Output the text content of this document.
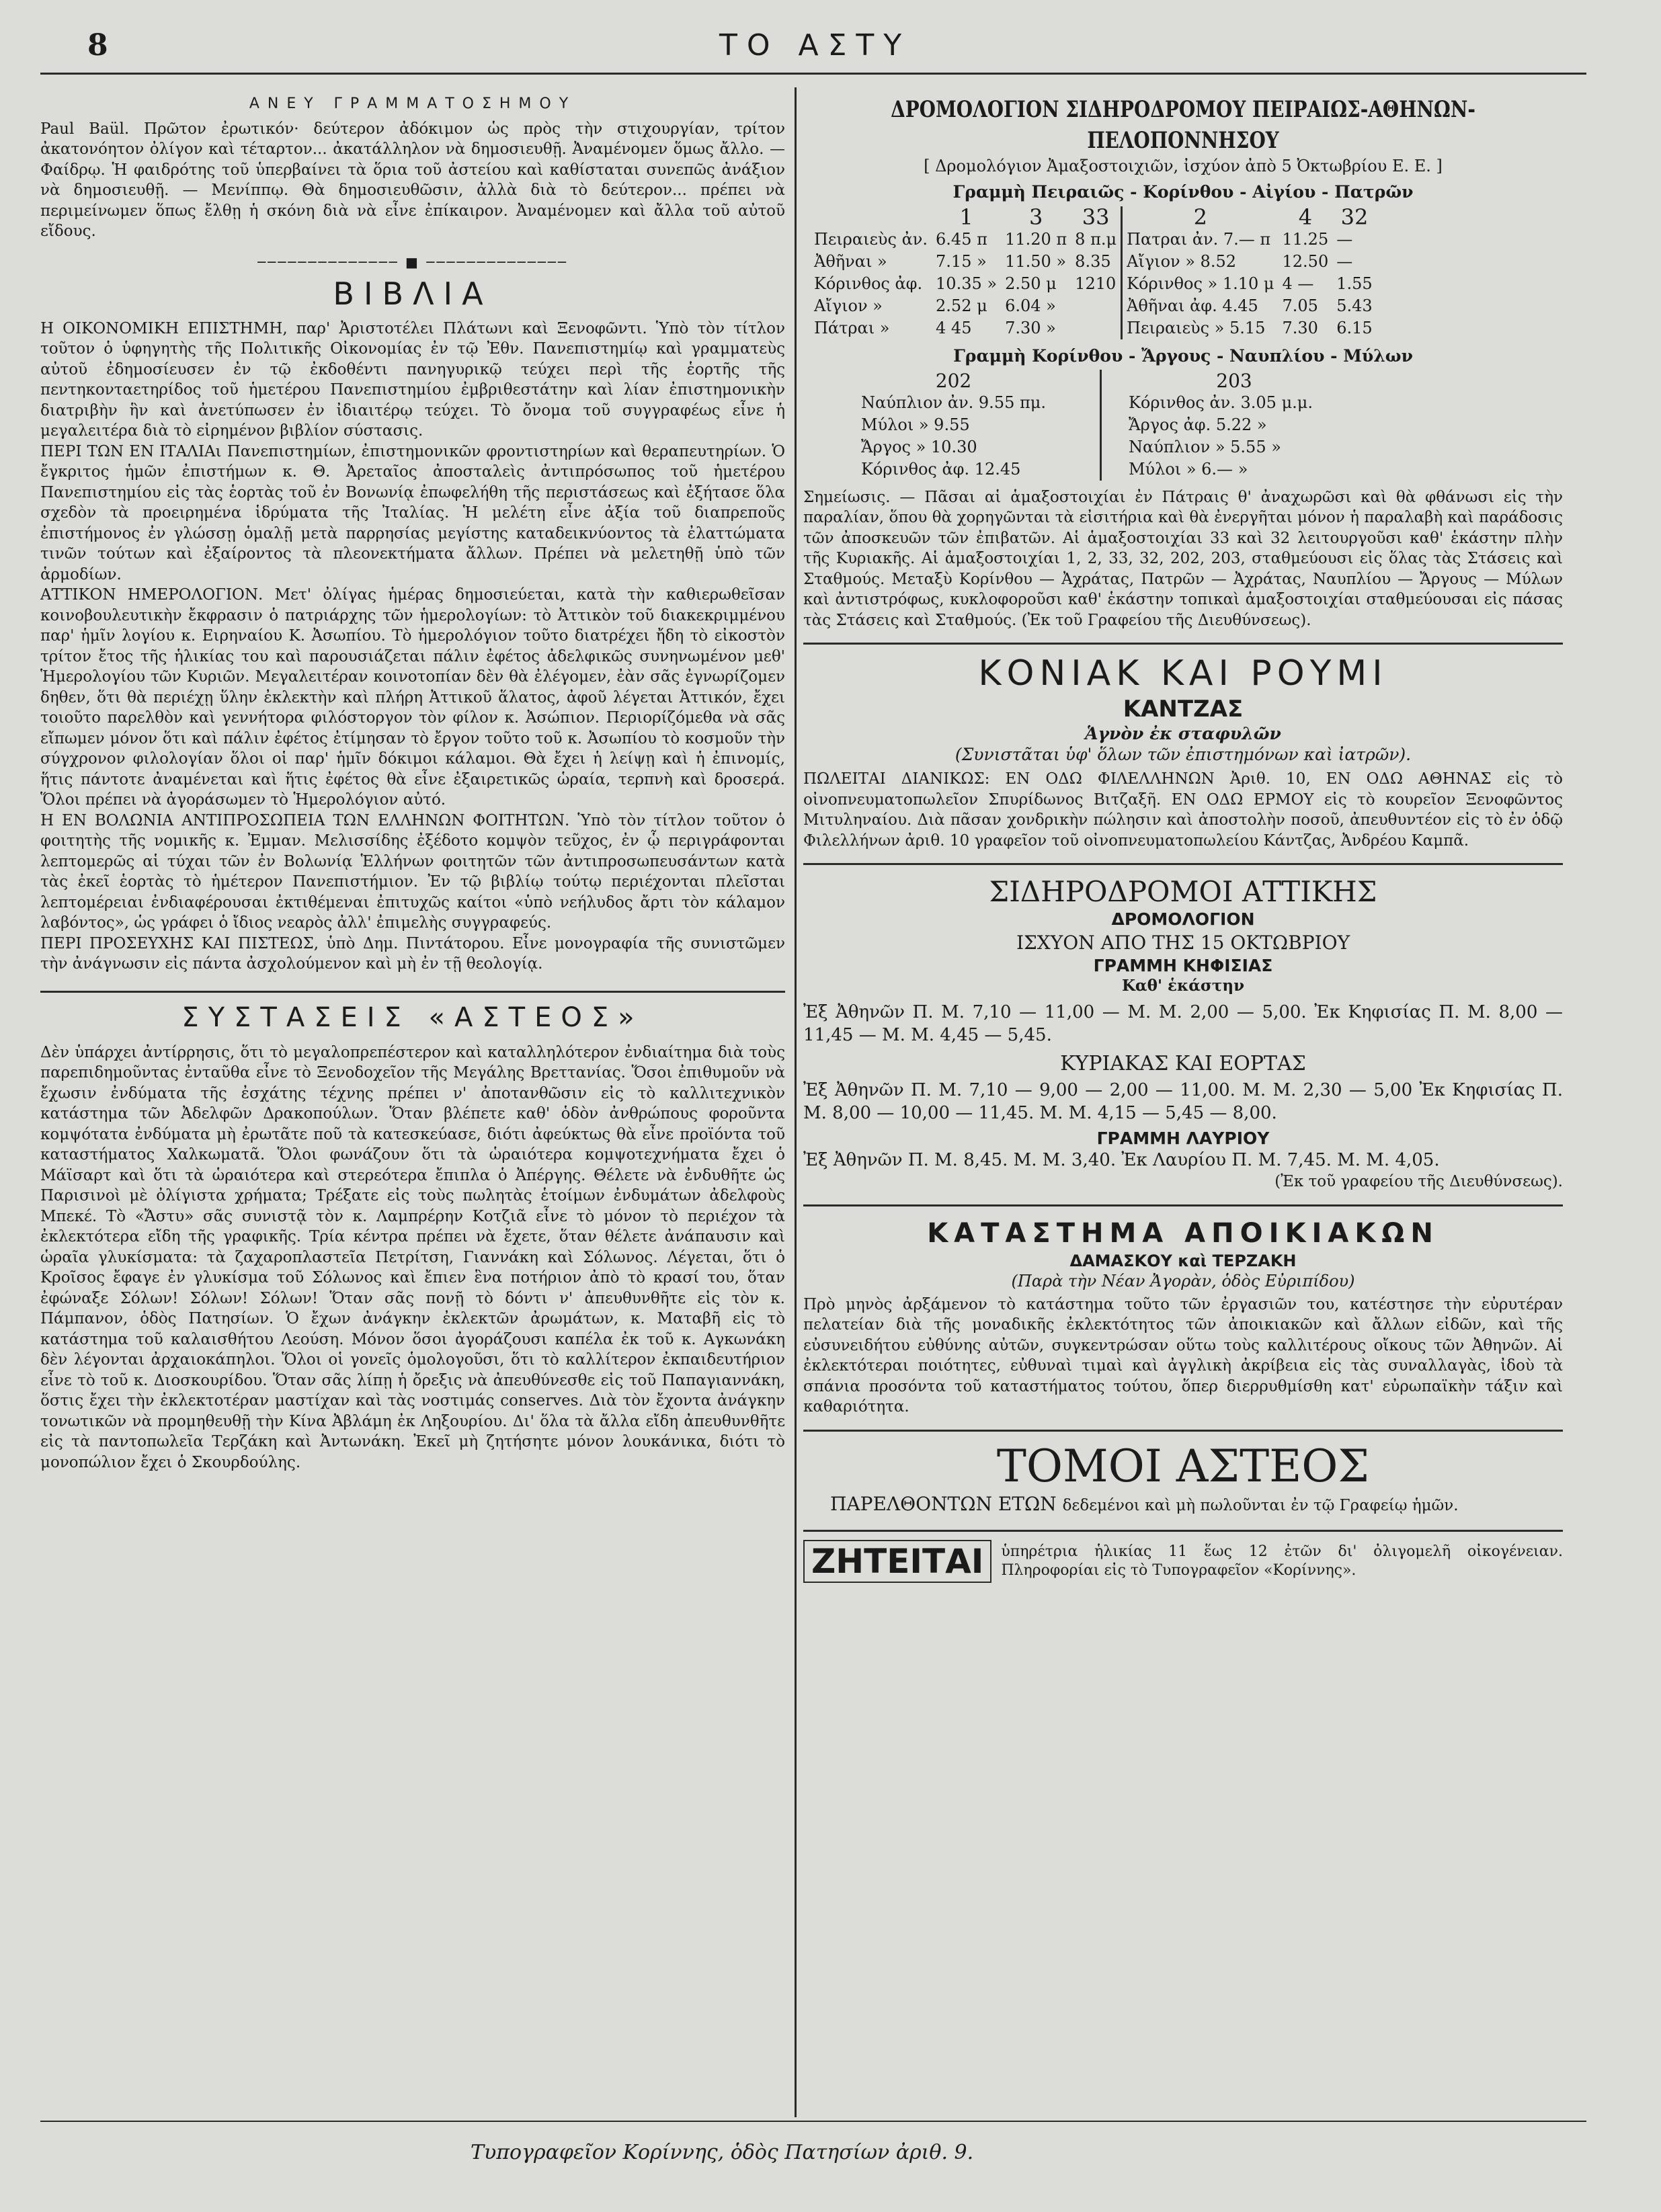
8	ΤΟ ΑΣΤΥ

ΑΝΕΥ ΓΡΑΜΜΑΤΟΣΗΜΟΥ

Paul Baül. Πρῶτον ἐρωτικόν· δεύτερον ἀδόκιμον ὡς πρὸς τὴν στιχουργίαν, τρίτον ἀκατονόητον ὀλίγον καὶ τέταρτον... ἀκατάλληλον νὰ δημοσιευθῇ. Ἀναμένομεν ὅμως ἄλλο. — Φαίδρῳ. Ἡ φαιδρότης τοῦ ὑπερβαίνει τὰ ὅρια τοῦ ἀστείου καὶ καθίσταται συνεπῶς ἀνάξιον νὰ δημοσιευθῇ. — Μενίππῳ. Θὰ δημοσιευθῶσιν, ἀλλὰ διὰ τὸ δεύτερον... πρέπει νὰ περιμείνωμεν ὅπως ἔλθῃ ἡ σκόνη διὰ νὰ εἶνε ἐπίκαιρον. Ἀναμένομεν καὶ ἄλλα τοῦ αὐτοῦ εἴδους.

────────────── ■ ──────────────

ΒΙΒΛΙΑ

Η ΟΙΚΟΝΟΜΙΚΗ ΕΠΙΣΤΗΜΗ, παρ' Ἀριστοτέλει Πλάτωνι καὶ Ξενοφῶντι. Ὑπὸ τὸν τίτλον τοῦτον ὁ ὑφηγητὴς τῆς Πολιτικῆς Οἰκονομίας ἐν τῷ Ἐθν. Πανεπιστημίῳ καὶ γραμματεὺς αὐτοῦ ἐδημοσίευσεν ἐν τῷ ἐκδοθέντι πανηγυρικῷ τεύχει περὶ τῆς ἑορτῆς τῆς πεντηκονταετηρίδος τοῦ ἡμετέρου Πανεπιστημίου ἐμβριθεστάτην καὶ λίαν ἐπιστημονικὴν διατριβὴν ἣν καὶ ἀνετύπωσεν ἐν ἰδιαιτέρῳ τεύχει. Τὸ ὄνομα τοῦ συγγραφέως εἶνε ἡ μεγαλειτέρα διὰ τὸ εἰρημένον βιβλίον σύστασις.

ΠΕΡΙ ΤΩΝ ΕΝ ΙΤΑΛΙΑι Πανεπιστημίων, ἐπιστημονικῶν φροντιστηρίων καὶ θεραπευτηρίων. Ὁ ἔγκριτος ἡμῶν ἐπιστήμων κ. Θ. Ἀρεταῖος ἀποσταλεὶς ἀντιπρόσωπος τοῦ ἡμετέρου Πανεπιστημίου εἰς τὰς ἑορτὰς τοῦ ἐν Βονωνίᾳ ἐπωφελήθη τῆς περιστάσεως καὶ ἐξήτασε ὅλα σχεδὸν τὰ προειρημένα ἱδρύματα τῆς Ἰταλίας. Ἡ μελέτη εἶνε ἀξία τοῦ διαπρεποῦς ἐπιστήμονος ἐν γλώσσῃ ὁμαλῇ μετὰ παρρησίας μεγίστης καταδεικνύοντος τὰ ἐλαττώματα τινῶν τούτων καὶ ἐξαίροντος τὰ πλεονεκτήματα ἄλλων. Πρέπει νὰ μελετηθῇ ὑπὸ τῶν ἁρμοδίων.

ΑΤΤΙΚΟΝ ΗΜΕΡΟΛΟΓΙΟΝ. Μετ' ὀλίγας ἡμέρας δημοσιεύεται, κατὰ τὴν καθιερωθεῖσαν κοινοβουλευτικὴν ἔκφρασιν ὁ πατριάρχης τῶν ἡμερολογίων: τὸ Ἀττικὸν τοῦ διακεκριμμένου παρ' ἡμῖν λογίου κ. Ειρηναίου Κ. Ἀσωπίου. Τὸ ἡμερολόγιον τοῦτο διατρέχει ἤδη τὸ εἰκοστὸν τρίτον ἔτος τῆς ἡλικίας του καὶ παρουσιάζεται πάλιν ἐφέτος ἀδελφικῶς συνηνωμένον μεθ' Ἡμερολογίου τῶν Κυριῶν. Μεγαλειτέραν κοινοτοπίαν δὲν θὰ ἐλέγομεν, ἐὰν σᾶς ἐγνωρίζομεν δηθεν, ὅτι θὰ περιέχῃ ὕλην ἐκλεκτὴν καὶ πλήρη Ἀττικοῦ ἅλατος, ἀφοῦ λέγεται Ἀττικόν, ἔχει τοιοῦτο παρελθὸν καὶ γεννήτορα φιλόστοργον τὸν φίλον κ. Ἀσώπιον. Περιορίζόμεθα νὰ σᾶς εἴπωμεν μόνον ὅτι καὶ πάλιν ἐφέτος ἐτίμησαν τὸ ἔργον τοῦτο τοῦ κ. Ἀσωπίου τὸ κοσμοῦν τὴν σύγχρονον φιλολογίαν ὅλοι οἱ παρ' ἡμῖν δόκιμοι κάλαμοι. Θὰ ἔχει ἡ λείψῃ καὶ ἡ ἐπινομίς, ἥτις πάντοτε ἀναμένεται καὶ ἥτις ἐφέτος θὰ εἶνε ἐξαιρετικῶς ὡραία, τερπνὴ καὶ δροσερά. Ὅλοι πρέπει νὰ ἀγοράσωμεν τὸ Ἡμερολόγιον αὐτό.

Η ΕΝ ΒΟΛΩΝΙΑ ΑΝΤΙΠΡΟΣΩΠΕΙΑ ΤΩΝ ΕΛΛΗΝΩΝ ΦΟΙΤΗΤΩΝ. Ὑπὸ τὸν τίτλον τοῦτον ὁ φοιτητὴς τῆς νομικῆς κ. Ἐμμαν. Μελισσίδης ἐξέδοτο κομψὸν τεῦχος, ἐν ᾧ περιγράφονται λεπτομερῶς αἱ τύχαι τῶν ἐν Βολωνίᾳ Ἑλλήνων φοιτητῶν τῶν ἀντιπροσωπευσάντων κατὰ τὰς ἐκεῖ ἑορτὰς τὸ ἡμέτερον Πανεπιστήμιον. Ἐν τῷ βιβλίῳ τούτῳ περιέχονται πλεῖσται λεπτομέρειαι ἐνδιαφέρουσαι ἐκτιθέμεναι ἐπιτυχῶς καίτοι «ὑπὸ νεήλυδος ἄρτι τὸν κάλαμον λαβόντος», ὡς γράφει ὁ ἴδιος νεαρὸς ἀλλ' ἐπιμελὴς συγγραφεύς.

ΠΕΡΙ ΠΡΟΣΕΥΧΗΣ ΚΑΙ ΠΙΣΤΕΩΣ, ὑπὸ Δημ. Πιντάτορου. Εἶνε μονογραφία τῆς συνιστῶμεν τὴν ἀνάγνωσιν εἰς πάντα ἀσχολούμενον καὶ μὴ ἐν τῇ θεολογίᾳ.

ΣΥΣΤΑΣΕΙΣ «ΑΣΤΕΟΣ»

Δὲν ὑπάρχει ἀντίρρησις, ὅτι τὸ μεγαλοπρεπέστερον καὶ καταλληλότερον ἐνδιαίτημα διὰ τοὺς παρεπιδημοῦντας ἐνταῦθα εἶνε τὸ Ξενοδοχεῖον τῆς Μεγάλης Βρεττανίας. Ὅσοι ἐπιθυμοῦν νὰ ἔχωσιν ἐνδύματα τῆς ἐσχάτης τέχνης πρέπει ν' ἀποτανθῶσιν εἰς τὸ καλλιτεχνικὸν κατάστημα τῶν Ἀδελφῶν Δρακοπούλων. Ὅταν βλέπετε καθ' ὁδὸν ἀνθρώπους φοροῦντα κομψότατα ἐνδύματα μὴ ἐρωτᾶτε ποῦ τὰ κατεσκεύασε, διότι ἀφεύκτως θὰ εἶνε προϊόντα τοῦ καταστήματος Χαλκωματᾶ. Ὅλοι φωνάζουν ὅτι τὰ ὡραιότερα κομψοτεχνήματα ἔχει ὁ Μάϊσαρτ καὶ ὅτι τὰ ὡραιότερα καὶ στερεότερα ἔπιπλα ὁ Ἀπέργης. Θέλετε νὰ ἐνδυθῆτε ὡς Παρισινοὶ μὲ ὀλίγιστα χρήματα; Τρέξατε εἰς τοὺς πωλητὰς ἑτοίμων ἐνδυμάτων ἀδελφοὺς Μπεκέ. Τὸ «Ἄστυ» σᾶς συνιστᾷ τὸν κ. Λαμπρέρην Κοτζιᾶ εἶνε τὸ μόνον τὸ περιέχον τὰ ἐκλεκτότερα εἴδη τῆς γραφικῆς. Τρία κέντρα πρέπει νὰ ἔχετε, ὅταν θέλετε ἀνάπαυσιν καὶ ὡραῖα γλυκίσματα: τὰ ζαχαροπλαστεῖα Πετρίτση, Γιαννάκη καὶ Σόλωνος. Λέγεται, ὅτι ὁ Κροῖσος ἔφαγε ἐν γλυκίσμα τοῦ Σόλωνος καὶ ἔπιεν ἓνα ποτήριον ἀπὸ τὸ κρασί του, ὅταν ἐφώναξε Σόλων! Σόλων! Σόλων! Ὅταν σᾶς πονῇ τὸ δόντι ν' ἀπευθυνθῆτε εἰς τὸν κ. Πάμπανον, ὁδὸς Πατησίων. Ὁ ἔχων ἀνάγκην ἐκλεκτῶν ἀρωμάτων, κ. Ματαβῆ εἰς τὸ κατάστημα τοῦ καλαισθήτου Λεούση. Μόνον ὅσοι ἀγοράζουσι καπέλα ἐκ τοῦ κ. Αγκωνάκη δὲν λέγονται ἀρχαιοκάπηλοι. Ὅλοι οἱ γονεῖς ὁμολογοῦσι, ὅτι τὸ καλλίτερον ἐκπαιδευτήριον εἶνε τὸ τοῦ κ. Διοσκουρίδου. Ὅταν σᾶς λίπῃ ἡ ὄρεξις νὰ ἀπευθύνεσθε εἰς τοῦ Παπαγιαννάκη, ὅστις ἔχει τὴν ἐκλεκτοτέραν μαστίχαν καὶ τὰς νοστιμάς conserves. Διὰ τὸν ἔχοντα ἀνάγκην τονωτικῶν νὰ προμηθευθῇ τὴν Κίνα Ἀβλάμη ἐκ Ληξουρίου. Δι' ὅλα τὰ ἄλλα εἴδη ἀπευθυνθῆτε εἰς τὰ παντοπωλεῖα Τερζάκη καὶ Ἀντωνάκη. Ἐκεῖ μὴ ζητήσητε μόνον λουκάνικα, διότι τὸ μονοπώλιον ἔχει ὁ Σκουρδούλης.

ΔΡΟΜΟΛΟΓΙΟΝ ΣΙΔΗΡΟΔΡΟΜΟΥ ΠΕΙΡΑΙΩΣ-ΑΘΗΝΩΝ-ΠΕΛΟΠΟΝΝΗΣΟΥ

[ Δρομολόγιον Ἀμαξοστοιχιῶν, ἰσχύον ἀπὸ 5 Ὀκτωβρίου Ε. Ε. ]

Γραμμὴ Πειραιῶς - Κορίνθου - Αἰγίου - Πατρῶν

	1	3	33	2	4	32
Πειραιεὺς ἀν.	6.45 π	11.20 π	8 π.μ	Πατραι ἀν. 7.— π	11.25	—
Ἀθῆναι »	7.15 »	11.50 »	8.35	Αἴγιον » 8.52	12.50	—
Κόρινθος ἀφ.	10.35 »	2.50 μ	1210	Κόρινθος » 1.10 μ	4 —	1.55
Αἴγιον »	2.52 μ	6.04 »		Ἀθῆναι ἀφ. 4.45	7.05	5.43
Πάτραι »	4 45	7.30 »		Πειραιεὺς » 5.15	7.30	6.15

Γραμμὴ Κορίνθου - Ἄργους - Ναυπλίου - Μύλων

202	203
Ναύπλιον ἀν. 9.55 πμ.	Κόρινθος ἀν. 3.05 μ.μ.
Μύλοι » 9.55	Ἄργος ἀφ. 5.22 »
Ἄργος » 10.30	Ναύπλιον » 5.55 »
Κόρινθος ἀφ. 12.45	Μύλοι » 6.— »

Σημείωσις. — Πᾶσαι αἱ ἁμαξοστοιχίαι ἐν Πάτραις θ' ἀναχωρῶσι καὶ θὰ φθάνωσι εἰς τὴν παραλίαν, ὅπου θὰ χορηγῶνται τὰ εἰσιτήρια καὶ θὰ ἐνεργῆται μόνον ἡ παραλαβὴ καὶ παράδοσις τῶν ἀποσκευῶν τῶν ἐπιβατῶν. Αἱ ἁμαξοστοιχίαι 33 καὶ 32 λειτουργοῦσι καθ' ἑκάστην πλὴν τῆς Κυριακῆς. Αἱ ἁμαξοστοιχίαι 1, 2, 33, 32, 202, 203, σταθμεύουσι εἰς ὅλας τὰς Στάσεις καὶ Σταθμούς. Μεταξὺ Κορίνθου — Ἀχράτας, Πατρῶν — Ἀχράτας, Ναυπλίου — Ἄργους — Μύλων καὶ ἀντιστρόφως, κυκλοφοροῦσι καθ' ἑκάστην τοπικαὶ ἁμαξοστοιχίαι σταθμεύουσαι εἰς πάσας τὰς Στάσεις καὶ Σταθμούς. (Ἐκ τοῦ Γραφείου τῆς Διευθύνσεως).

ΚΟΝΙΑΚ ΚΑΙ ΡΟΥΜΙ

ΚΑΝΤΖΑΣ

Ἁγνὸν ἐκ σταφυλῶν

(Συνιστᾶται ὑφ' ὅλων τῶν ἐπιστημόνων καὶ ἰατρῶν).

ΠΩΛΕΙΤΑΙ ΔΙΑΝΙΚΩΣ: ΕΝ ΟΔΩ ΦΙΛΕΛΛΗΝΩΝ Ἀριθ. 10, ΕΝ ΟΔΩ ΑΘΗΝΑΣ εἰς τὸ οἰνοπνευματοπωλεῖον Σπυρίδωνος Βιτζαξῆ. ΕΝ ΟΔΩ ΕΡΜΟΥ εἰς τὸ κουρεῖον Ξενοφῶντος Μιτυληναίου. Διὰ πᾶσαν χονδρικὴν πώλησιν καὶ ἀποστολὴν ποσοῦ, ἀπευθυντέον εἰς τὸ ἐν ὁδῷ Φιλελλήνων ἀριθ. 10 γραφεῖον τοῦ οἰνοπνευματοπωλείου Κάντζας, Ἀνδρέου Καμπᾶ.

ΣΙΔΗΡΟΔΡΟΜΟΙ ΑΤΤΙΚΗΣ

ΔΡΟΜΟΛΟΓΙΟΝ

ΙΣΧΥΟΝ ΑΠΟ ΤΗΣ 15 ΟΚΤΩΒΡΙΟΥ

ΓΡΑΜΜΗ ΚΗΦΙΣΙΑΣ

Καθ' ἑκάστην

Ἐξ Ἀθηνῶν Π. Μ. 7,10 — 11,00 — Μ. Μ. 2,00 — 5,00. Ἐκ Κηφισίας Π. Μ. 8,00 — 11,45 — Μ. Μ. 4,45 — 5,45.

ΚΥΡΙΑΚΑΣ ΚΑΙ ΕΟΡΤΑΣ

Ἐξ Ἀθηνῶν Π. Μ. 7,10 — 9,00 — 2,00 — 11,00. Μ. Μ. 2,30 — 5,00 Ἐκ Κηφισίας Π. Μ. 8,00 — 10,00 — 11,45. Μ. Μ. 4,15 — 5,45 — 8,00.

ΓΡΑΜΜΗ ΛΑΥΡΙΟΥ

Ἐξ Ἀθηνῶν Π. Μ. 8,45. Μ. Μ. 3,40. Ἐκ Λαυρίου Π. Μ. 7,45. Μ. Μ. 4,05.

(Ἐκ τοῦ γραφείου τῆς Διευθύνσεως).

ΚΑΤΑΣΤΗΜΑ ΑΠΟΙΚΙΑΚΩΝ

ΔΑΜΑΣΚΟΥ καὶ ΤΕΡΖΑΚΗ

(Παρὰ τὴν Νέαν Ἀγορὰν, ὁδὸς Εὐριπίδου)

Πρὸ μηνὸς ἀρξάμενον τὸ κατάστημα τοῦτο τῶν ἐργασιῶν του, κατέστησε τὴν εὐρυτέραν πελατείαν διὰ τῆς μοναδικῆς ἐκλεκτότητος τῶν ἀποικιακῶν καὶ ἄλλων εἰδῶν, καὶ τῆς εὐσυνειδήτου εὐθύνης αὐτῶν, συγκεντρώσαν οὕτω τοὺς καλλιτέρους οἴκους τῶν Ἀθηνῶν. Αἱ ἐκλεκτότεραι ποιότητες, εὐθυναὶ τιμαὶ καὶ ἀγγλικὴ ἀκρίβεια εἰς τὰς συναλλαγὰς, ἰδοὺ τὰ σπάνια προσόντα τοῦ καταστήματος τούτου, ὅπερ διερρυθμίσθη κατ' εὐρωπαϊκὴν τάξιν καὶ καθαριότητα.

ΤΟΜΟΙ ΑΣΤΕΟΣ

ΠΑΡΕΛΘΟΝΤΩΝ ΕΤΩΝ δεδεμένοι καὶ μὴ πωλοῦνται ἐν τῷ Γραφείῳ ἡμῶν.

ΖΗΤΕΙΤΑΙ	ὑπηρέτρια ἡλικίας 11 ἕως 12 ἐτῶν δι' ὀλιγομελῆ οἰκογένειαν. Πληροφορίαι εἰς τὸ Τυπογραφεῖον «Κορίννης».

Τυπογραφεῖον Κορίννης, ὁδὸς Πατησίων ἀριθ. 9.
